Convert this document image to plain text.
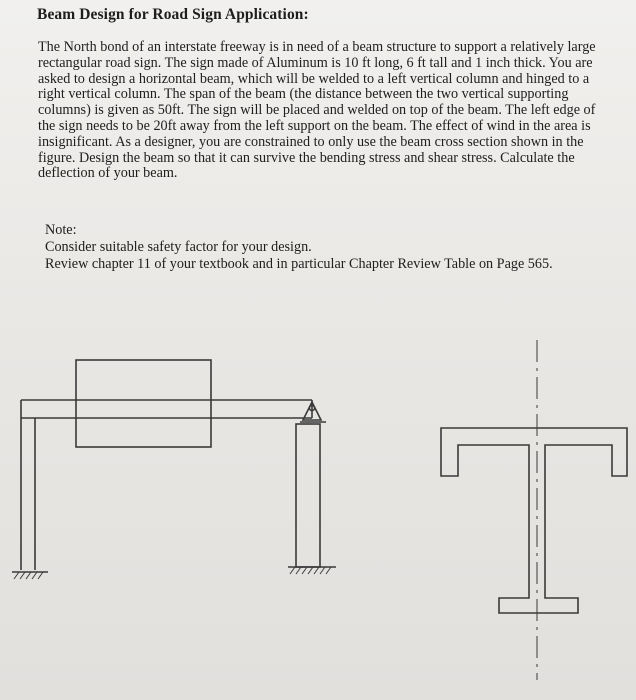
Beam Design for Road Sign Application:
The North bond of an interstate freeway is in need of a beam structure to support a relatively large rectangular road sign. The sign made of Aluminum is 10 ft long, 6 ft tall and 1 inch thick. You are asked to design a horizontal beam, which will be welded to a left vertical column and hinged to a right vertical column. The span of the beam (the distance between the two vertical supporting columns) is given as 50ft. The sign will be placed and welded on top of the beam. The left edge of the sign needs to be 20ft away from the left support on the beam. The effect of wind in the area is insignificant. As a designer, you are constrained to only use the beam cross section shown in the figure. Design the beam so that it can survive the bending stress and shear stress. Calculate the deflection of your beam.
Note:
Consider suitable safety factor for your design.
Review chapter 11 of your textbook and in particular Chapter Review Table on Page 565.
